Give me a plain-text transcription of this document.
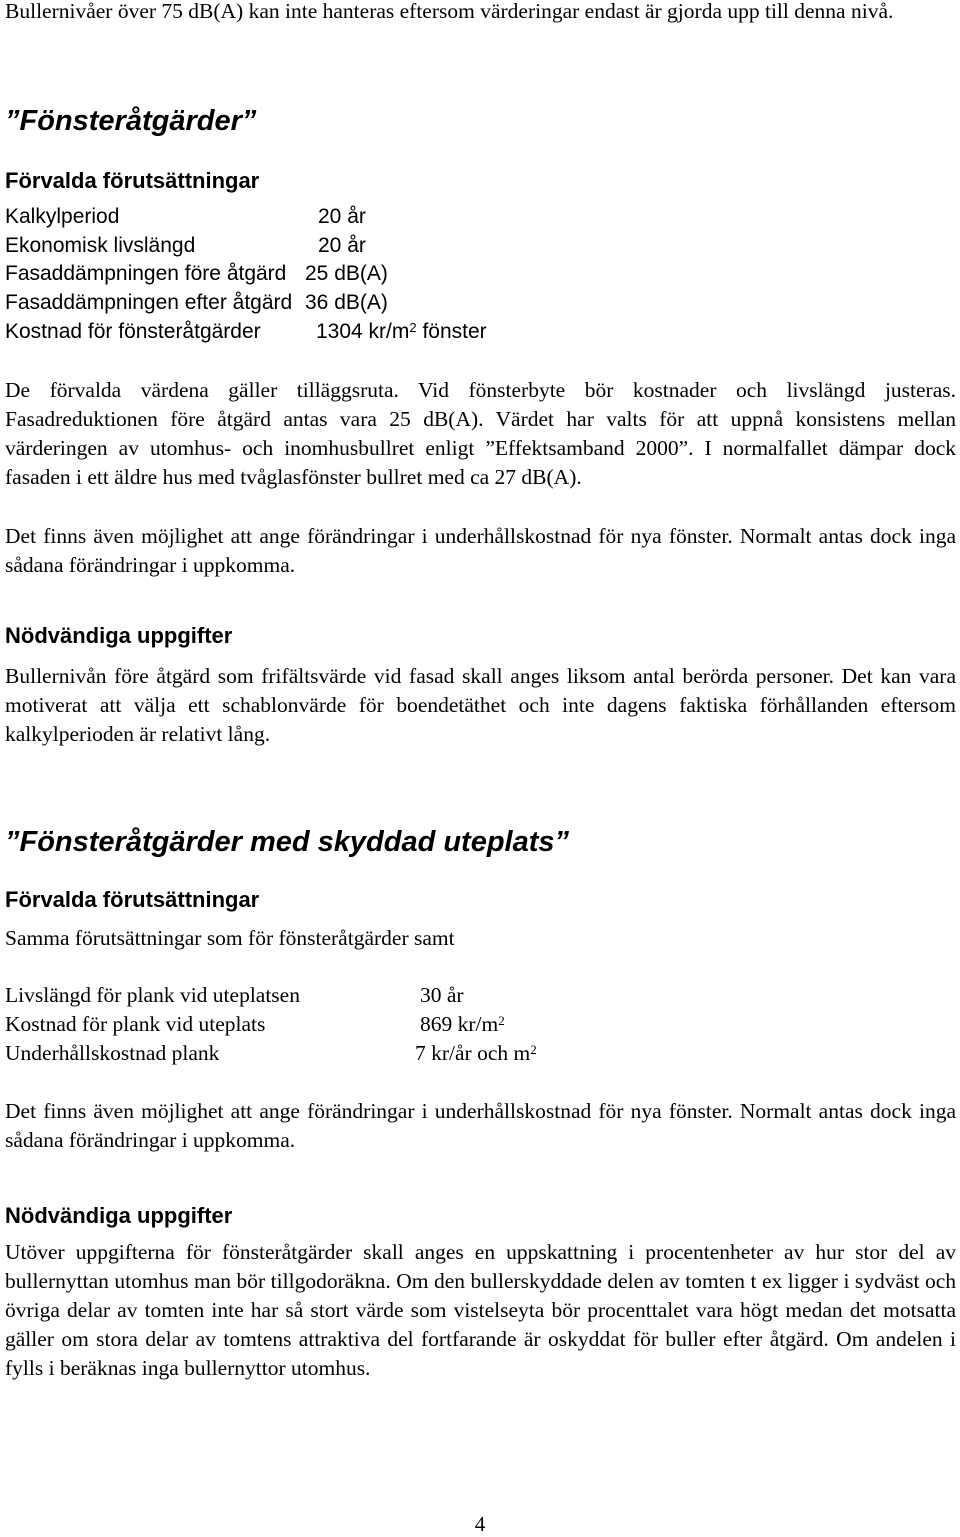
Bullernivåer över 75 dB(A) kan inte hanteras eftersom värderingar endast är gjorda upp till denna nivå.

”Fönsteråtgärder”
Förvalda förutsättningar
Kalkylperiod	20 år
Ekonomisk livslängd	20 år
Fasaddämpningen före åtgärd 25 dB(A)
Fasaddämpningen efter åtgärd 36 dB(A)
Kostnad för fönsteråtgärder	1304 $kr/m^2$ fönster

De förvalda värdena gäller tilläggsruta. Vid fönsterbyte bör kostnader och livslängd justeras. Fasadreduktionen före åtgärd antas vara 25 dB(A). Värdet har valts för att uppnå konsistens mellan värderingen av utomhus- och inomhusbullret enligt ”Effektsamband 2000”. I normalfallet dämpar dock fasaden i ett äldre hus med tvåglasfönster bullret med ca 27 dB(A).

Det finns även möjlighet att ange förändringar i underhållskostnad för nya fönster. Normalt antas dock inga sådana förändringar i uppkomma.

Nödvändiga uppgifter

Bullernivån före åtgärd som frifältsvärde vid fasad skall anges liksom antal berörda personer. Det kan vara motiverat att välja ett schablonvärde för boendetäthet och inte dagens faktiska förhållanden eftersom kalkylperioden är relativt lång.

”Fönsteråtgärder med skyddad uteplats”
Förvalda förutsättningar
Samma förutsättningar som för fönsteråtgärder samt
Livslängd för plank vid uteplatsen	30 år
Kostnad för plank vid uteplats	869 $kr/m^2$
Underhållskostnad plank	7 kr/år och $m^2$

Det finns även möjlighet att ange förändringar i underhållskostnad för nya fönster. Normalt antas dock inga sådana förändringar i uppkomma.

Nödvändiga uppgifter

Utöver uppgifterna för fönsteråtgärder skall anges en uppskattning i procentenheter av hur stor del av bullernyttan utomhus man bör tillgodoräkna. Om den bullerskyddade delen av tomten t ex ligger i sydväst och övriga delar av tomten inte har så stort värde som vistelseyta bör procenttalet vara högt medan det motsatta gäller om stora delar av tomtens attraktiva del fortfarande är oskyddat för buller efter åtgärd. Om andelen i fylls i beräknas inga bullernyttor utomhus.

4
